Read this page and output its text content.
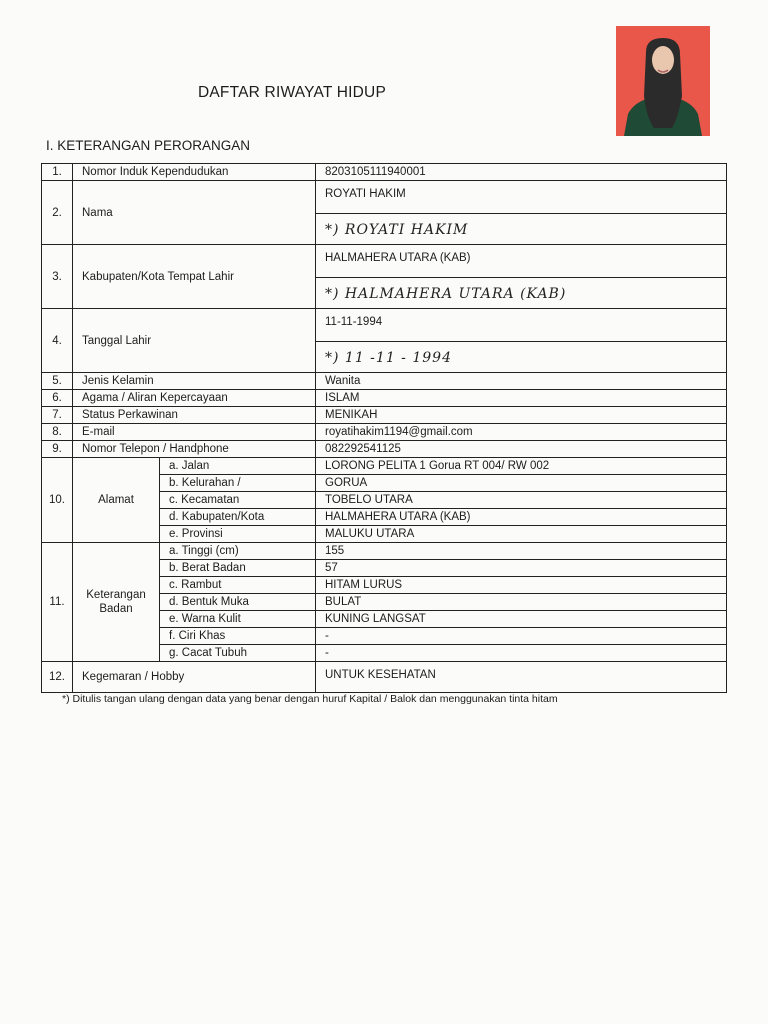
DAFTAR RIWAYAT HIDUP
I. KETERANGAN PERORANGAN
1.	Nomor Induk Kependudukan		8203105111940001
2.	Nama		ROYATI HAKIM
*) ROYATI HAKIM

3.	Kabupaten/Kota Tempat Lahir		HALMAHERA UTARA (KAB)
*) HALMAHERA UTARA (KAB)

4.	Tanggal Lahir		11-11-1994
*) 11 -11 - 1994

5.	Jenis Kelamin		Wanita
6.	Agama / Aliran Kepercayaan		ISLAM
7.	Status Perkawinan		MENIKAH
8.	E-mail		royatihakim1194@gmail.com
9.	Nomor Telepon / Handphone		082292541125
10.	Alamat	a. Jalan	LORONG PELITA 1 Gorua RT 004/ RW 002
		b. Kelurahan /	GORUA
		c. Kecamatan	TOBELO UTARA
		d. Kabupaten/Kota	HALMAHERA UTARA (KAB)
		e. Provinsi	MALUKU UTARA
11.	Keterangan
Badan	a. Tinggi (cm)	155
		b. Berat Badan	57
		c. Rambut	HITAM LURUS
		d. Bentuk Muka	BULAT
		e. Warna Kulit	KUNING LANGSAT
		f. Ciri Khas	-
		g. Cacat Tubuh	-
12.	Kegemaran / Hobby		UNTUK KESEHATAN
*) Ditulis tangan ulang dengan data yang benar dengan huruf Kapital / Balok dan menggunakan tinta hitam
